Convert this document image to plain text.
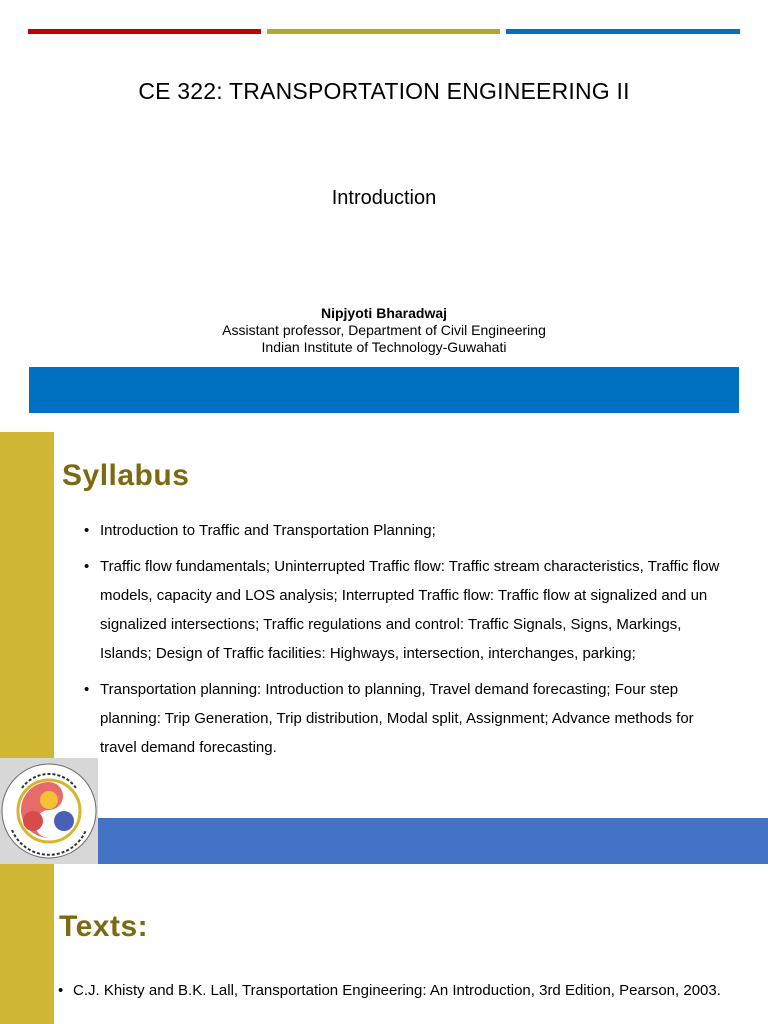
CE 322: TRANSPORTATION ENGINEERING II
Introduction
Nipjyoti Bharadwaj
Assistant professor, Department of Civil Engineering
Indian Institute of Technology-Guwahati
Syllabus
• Introduction to Traffic and Transportation Planning;
• Traffic flow fundamentals; Uninterrupted Traffic flow: Traffic stream characteristics, Traffic flow models, capacity and LOS analysis; Interrupted Traffic flow: Traffic flow at signalized and un signalized intersections; Traffic regulations and control: Traffic Signals, Signs, Markings, Islands; Design of Traffic facilities: Highways, intersection, interchanges, parking;
• Transportation planning: Introduction to planning, Travel demand forecasting; Four step planning: Trip Generation, Trip distribution, Modal split, Assignment; Advance methods for travel demand forecasting.
Texts:
• C.J. Khisty and B.K. Lall, Transportation Engineering: An Introduction, 3rd Edition, Pearson, 2003.
